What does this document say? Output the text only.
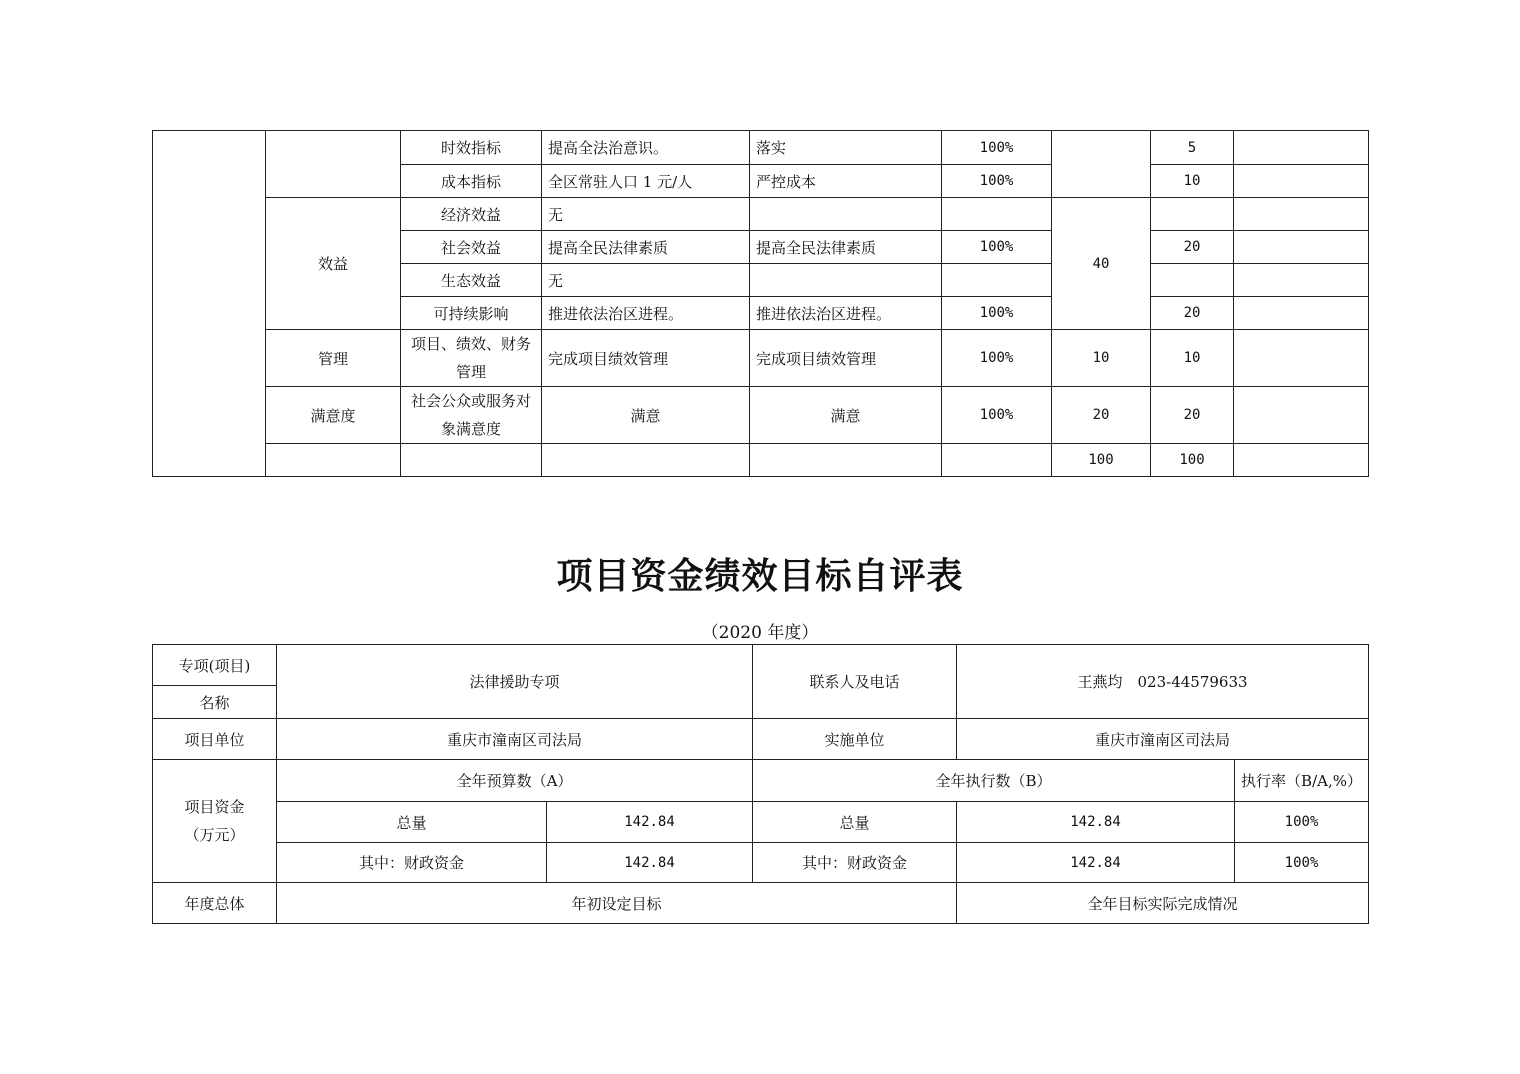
		时效指标	提高全法治意识。	落实	100%		5	
		成本指标	全区常驻人口 1 元/人	严控成本	100%		10	
	效益	经济效益	无			40		
		社会效益	提高全民法律素质	提高全民法律素质	100%		20	
		生态效益	无					
		可持续影响	推进依法治区进程。	推进依法治区进程。	100%		20	
	管理	项目、绩效、财务管理	完成项目绩效管理	完成项目绩效管理	100%	10	10	
	满意度	社会公众或服务对象满意度	满意	满意	100%	20	20	
						100	100	
项目资金绩效目标自评表
（2020 年度）
专项(项目)	法律援助专项		联系人及电话	王燕均　023-44579633	
名称					
项目单位	重庆市潼南区司法局		实施单位	重庆市潼南区司法局	
项目资金
（万元）	全年预算数（A）		全年执行数（B）		执行率（B/A,%）
	总量	142.84	总量	142.84	100%
	其中：财政资金	142.84	其中：财政资金	142.84	100%
年度总体	年初设定目标			全年目标实际完成情况	
